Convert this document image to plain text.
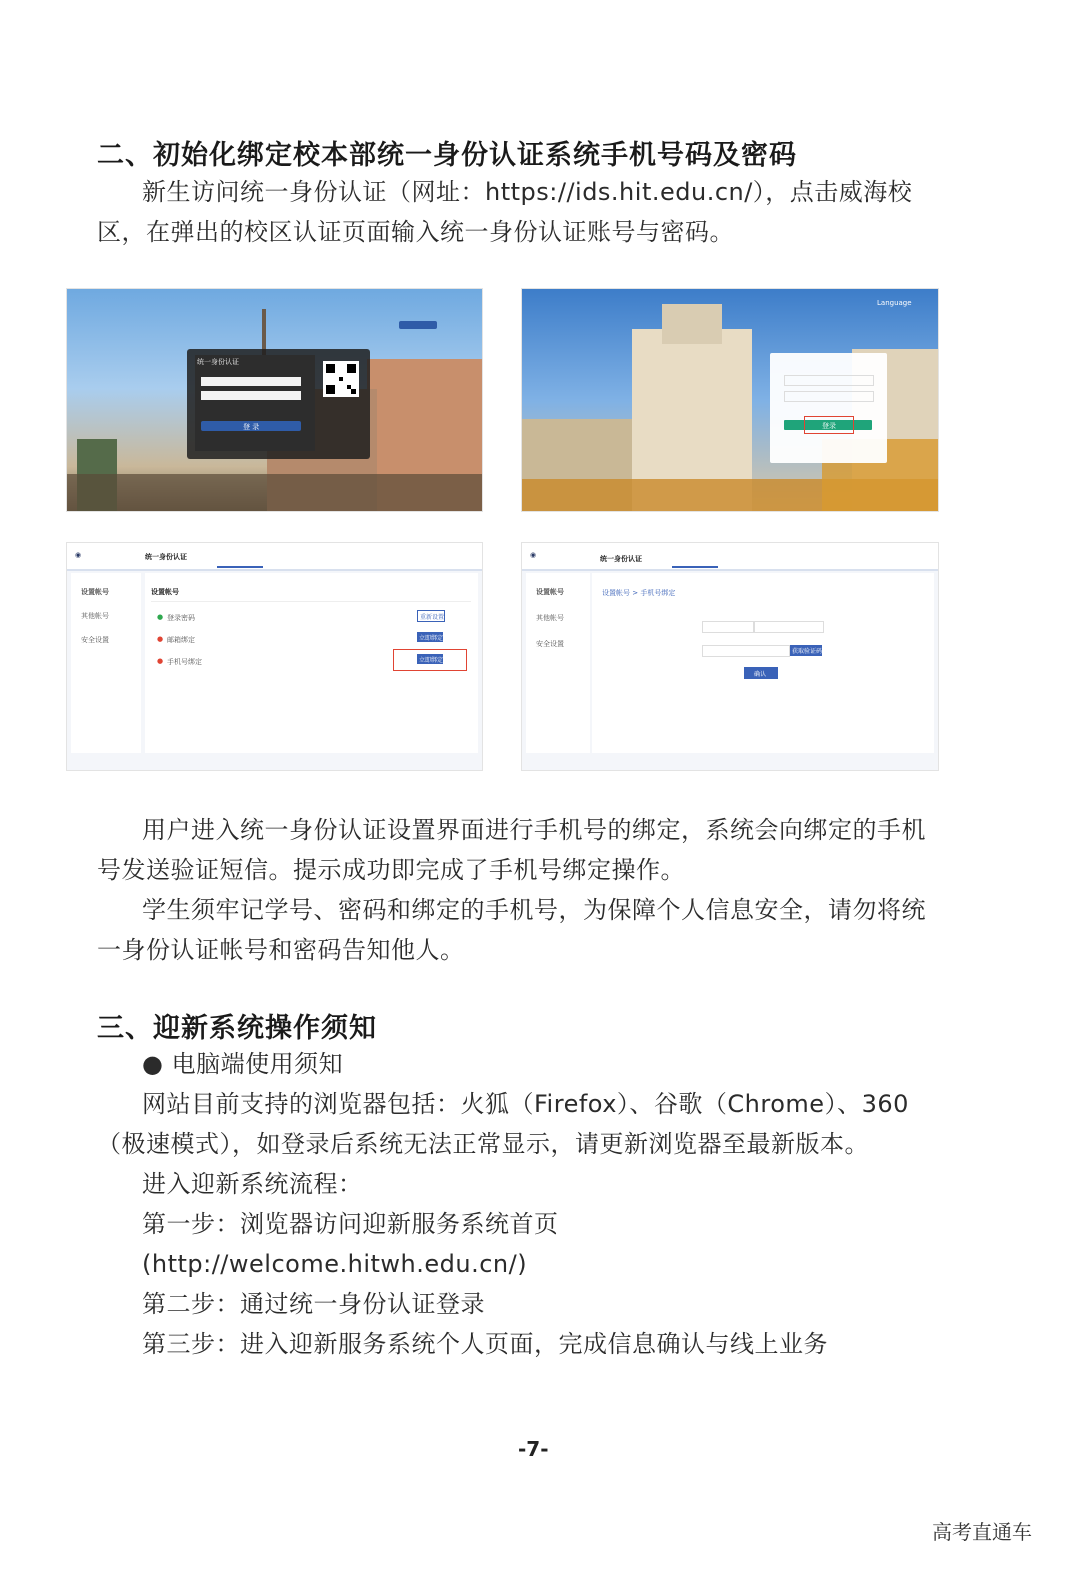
二、初始化绑定校本部统一身份认证系统手机号码及密码
新生访问统一身份认证（网址：https://ids.hit.edu.cn/），点击威海校
区，在弹出的校区认证页面输入统一身份认证账号与密码。
统一身份认证
登 录
Language
登录
◉	统一身份认证
设置帐号
其他帐号
安全设置
设置帐号
● 登录密码	重新设置
● 邮箱绑定	立即绑定
● 手机号绑定	立即绑定
◉	统一身份认证
设置帐号
其他帐号
安全设置
设置帐号 > 手机号绑定
获取验证码
确认
用户进入统一身份认证设置界面进行手机号的绑定，系统会向绑定的手机
号发送验证短信。提示成功即完成了手机号绑定操作。
学生须牢记学号、密码和绑定的手机号，为保障个人信息安全，请勿将统
一身份认证帐号和密码告知他人。
三、迎新系统操作须知
● 电脑端使用须知
网站目前支持的浏览器包括：火狐（Firefox）、谷歌（Chrome）、360
（极速模式），如登录后系统无法正常显示，请更新浏览器至最新版本。
进入迎新系统流程：
第一步：浏览器访问迎新服务系统首页
(http://welcome.hitwh.edu.cn/)
第二步：通过统一身份认证登录
第三步：进入迎新服务系统个人页面，完成信息确认与线上业务
-7-
高考直通车
